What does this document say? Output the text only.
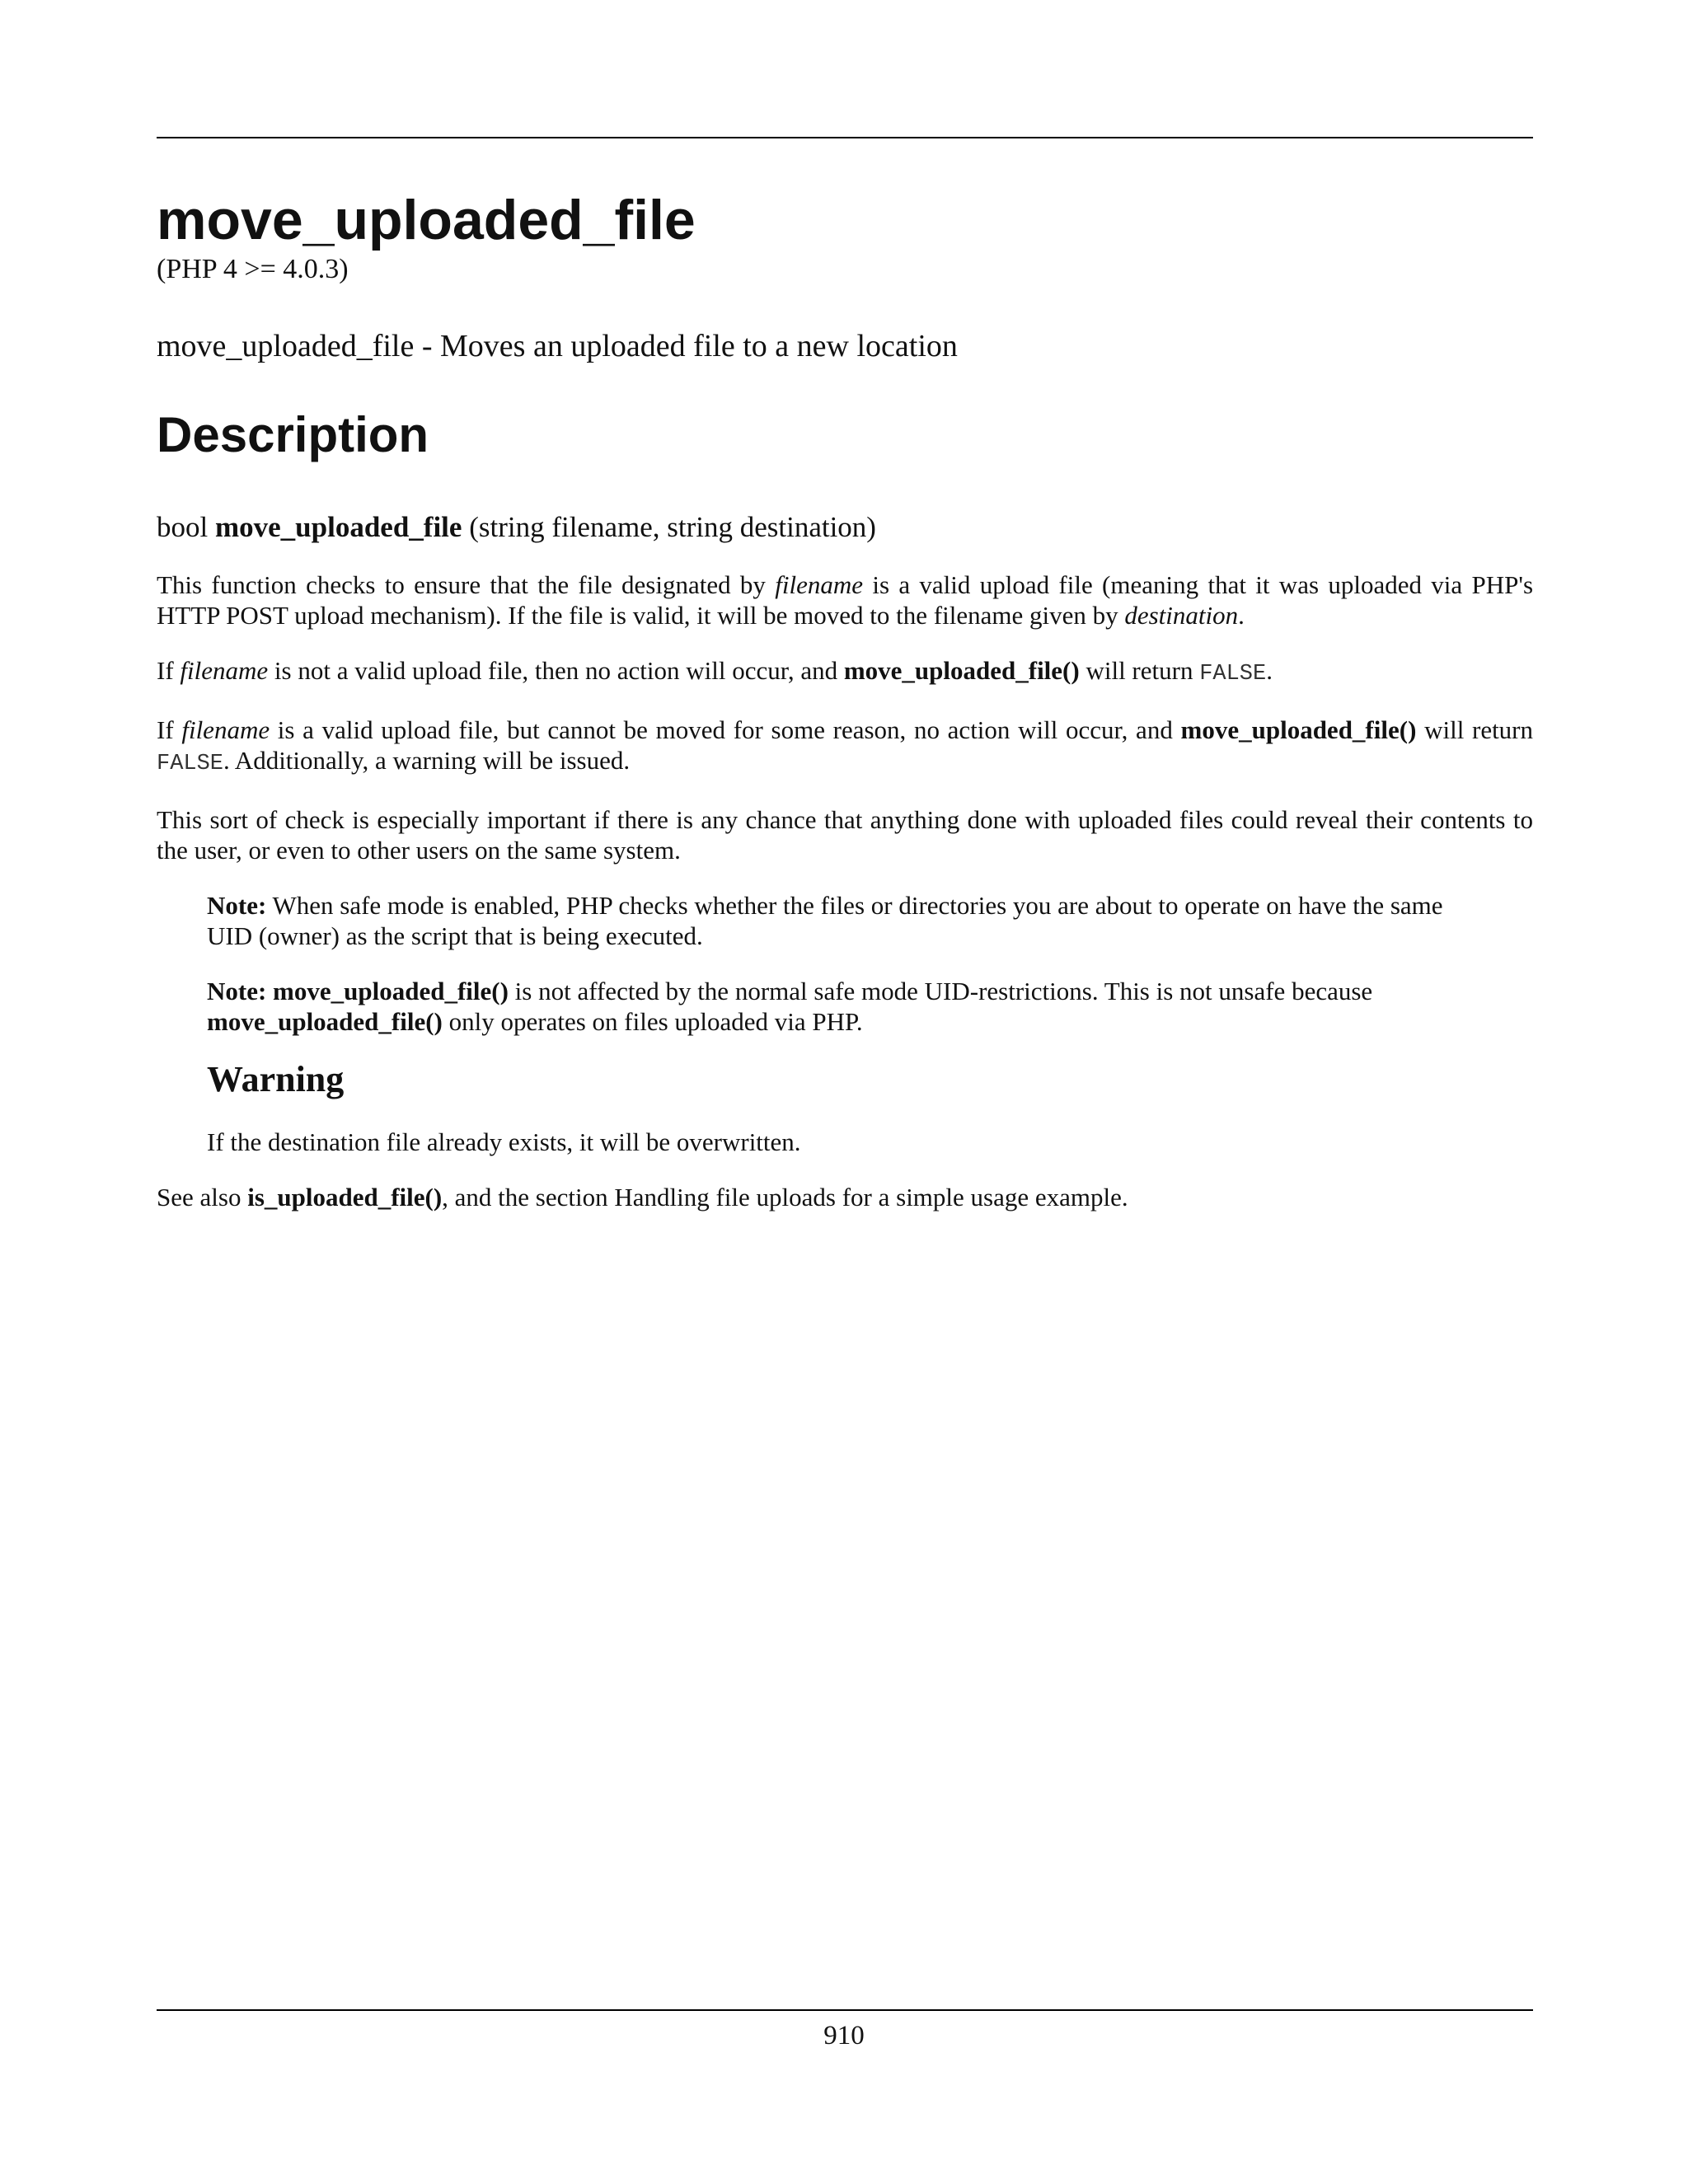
move_uploaded_file
(PHP 4 >= 4.0.3)
move_uploaded_file - Moves an uploaded file to a new location
Description
bool move_uploaded_file (string filename, string destination)

This function checks to ensure that the file designated by filename is a valid upload file (meaning that it was uploaded via PHP's HTTP POST upload mechanism). If the file is valid, it will be moved to the filename given by destination.

If filename is not a valid upload file, then no action will occur, and move_uploaded_file() will return FALSE.

If filename is a valid upload file, but cannot be moved for some reason, no action will occur, and move_uploaded_file() will return FALSE. Additionally, a warning will be issued.

This sort of check is especially important if there is any chance that anything done with uploaded files could reveal their contents to the user, or even to other users on the same system.

Note: When safe mode is enabled, PHP checks whether the files or directories you are about to operate on have the same UID (owner) as the script that is being executed.

Note: move_uploaded_file() is not affected by the normal safe mode UID-restrictions. This is not unsafe because move_uploaded_file() only operates on files uploaded via PHP.

Warning

If the destination file already exists, it will be overwritten.

See also is_uploaded_file(), and the section Handling file uploads for a simple usage example.

910
